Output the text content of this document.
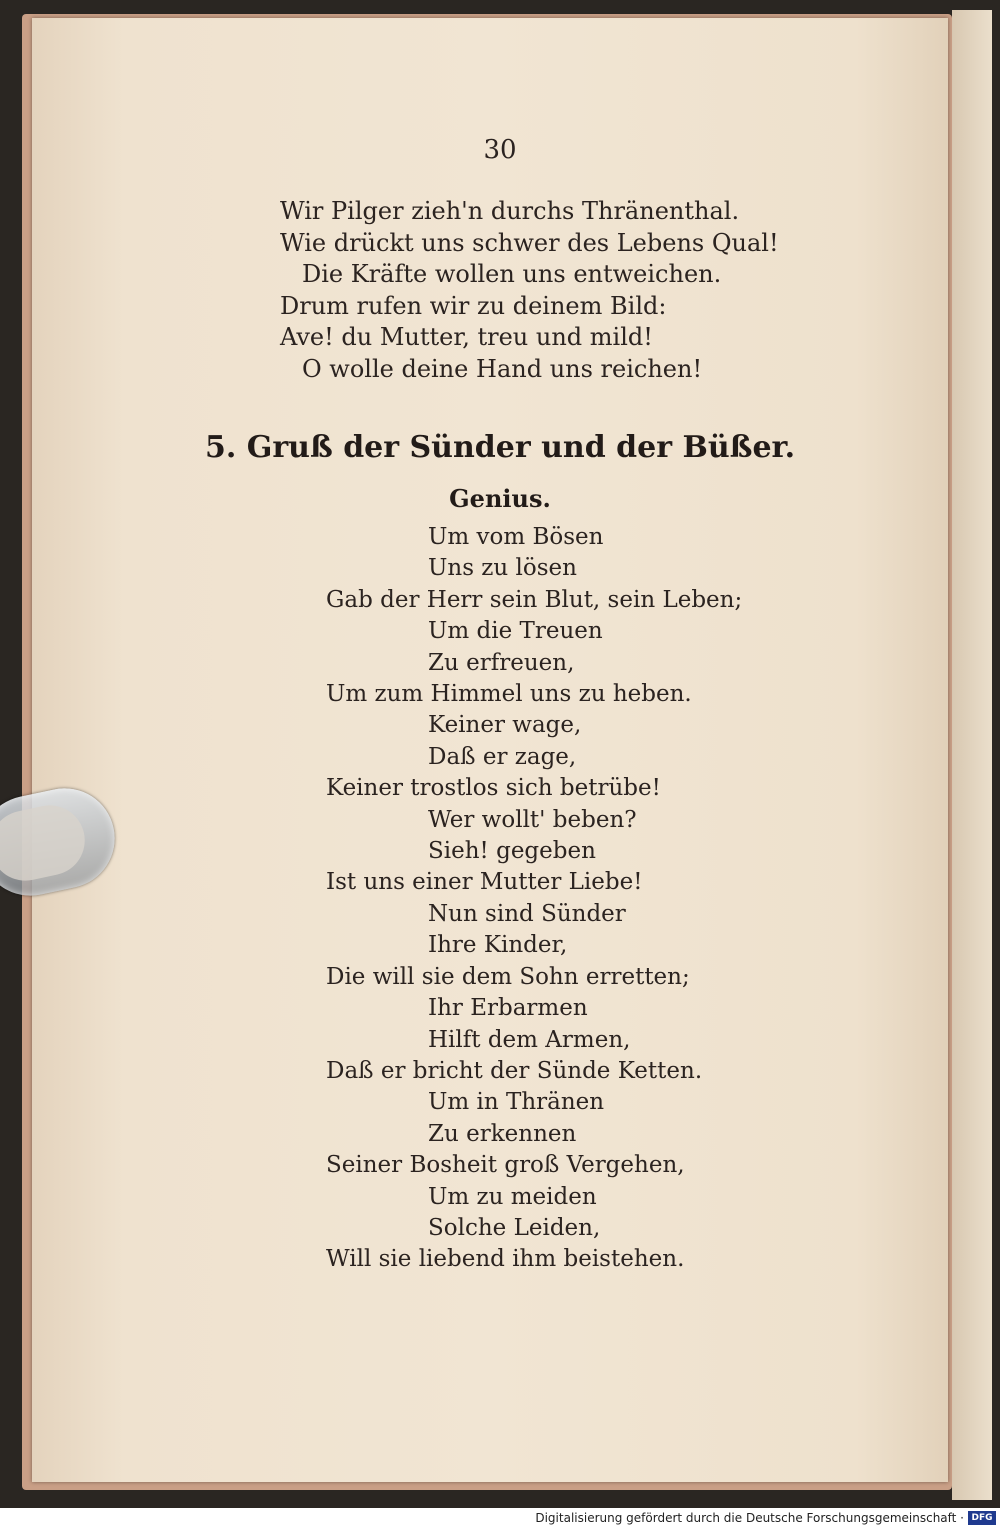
30
Wir Pilger zieh'n durchs Thränenthal.
Wie drückt uns schwer des Lebens Qual!
Die Kräfte wollen uns entweichen.
Drum rufen wir zu deinem Bild:
Ave! du Mutter, treu und mild!
O wolle deine Hand uns reichen!
5. Gruß der Sünder und der Büßer.
Genius.
Um vom Bösen
Uns zu lösen
Gab der Herr sein Blut, sein Leben;
Um die Treuen
Zu erfreuen,
Um zum Himmel uns zu heben.
Keiner wage,
Daß er zage,
Keiner trostlos sich betrübe!
Wer wollt' beben?
Sieh! gegeben
Ist uns einer Mutter Liebe!
Nun sind Sünder
Ihre Kinder,
Die will sie dem Sohn erretten;
Ihr Erbarmen
Hilft dem Armen,
Daß er bricht der Sünde Ketten.
Um in Thränen
Zu erkennen
Seiner Bosheit groß Vergehen,
Um zu meiden
Solche Leiden,
Will sie liebend ihm beistehen.
Digitalisierung gefördert durch die Deutsche Forschungsgemeinschaft · DFG
